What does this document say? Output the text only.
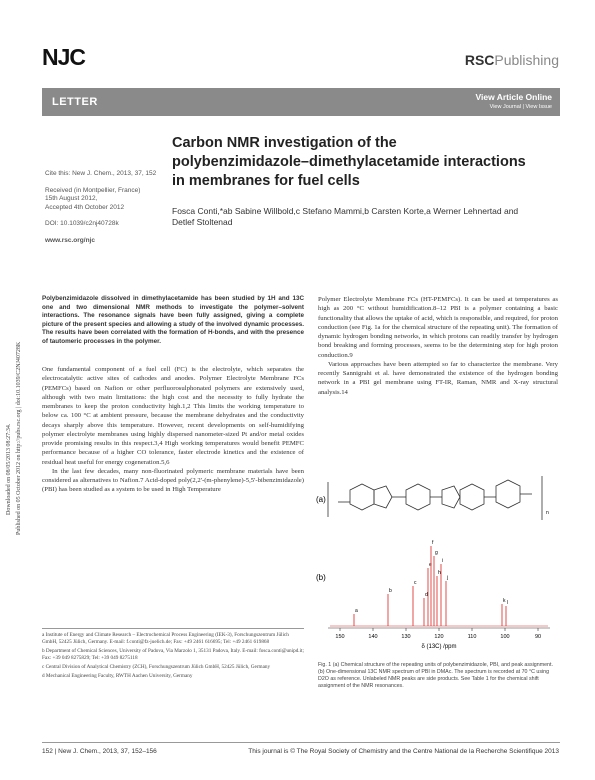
NJC	RSCPublishing
LETTER	View Article Online
View Journal | View Issue
Downloaded on 08/05/2013 08:27:34. Published on 05 October 2012 on http://pubs.rsc.org | doi:10.1039/C2NJ40728K

Cite this: New J. Chem., 2013, 37, 152

Received (in Montpellier, France)
15th August 2012,
Accepted 4th October 2012

DOI: 10.1039/c2nj40728k

www.rsc.org/njc

Carbon NMR investigation of the polybenzimidazole–dimethylacetamide interactions in membranes for fuel cells
Fosca Conti,*ab Sabine Willbold,c Stefano Mammi,b Carsten Korte,a Werner Lehnertad and Detlef Stoltenad
Polybenzimidazole dissolved in dimethylacetamide has been studied by 1H and 13C one and two dimensional NMR methods to investigate the polymer–solvent interactions. The resonance signals have been fully assigned, giving a complete picture of the present species and allowing a study of the involved dynamic processes. The results have been correlated with the formation of H-bonds, and with the presence of tautomeric processes in the polymer.

One fundamental component of a fuel cell (FC) is the electrolyte, which separates the electrocatalytic active sites of cathodes and anodes. Polymer Electrolyte Membrane FCs (PEMFCs) based on Nafion or other perfluorosulphonated polymers are extensively used, although with two main limitations: the high cost and the necessity to fully hydrate the membranes to keep the proton conductivity high.1,2 This limits the working temperature to below ca. 100 °C at ambient pressure, because the membrane dehydrates and the conductivity decays sharply above this temperature. However, recent developments on self-humidifying polymer electrolyte membranes using highly dispersed nanometer-sized Pt and/or metal oxides provide promising results in this respect.3,4 High working temperatures would benefit PEMFC performance because of a higher CO tolerance, faster electrode kinetics and the existence of residual heat useful for energy cogeneration.5,6

In the last few decades, many non-fluorinated polymeric membrane materials have been considered as alternatives to Nafion.7 Acid-doped poly(2,2'-(m-phenylene)-5,5'-bibenzimidazole) (PBI) has been studied as a system to be used in High Temperature

Polymer Electrolyte Membrane FCs (HT-PEMFCs). It can be used at temperatures as high as 200 °C without humidification.8–12 PBI is a polymer containing a basic functionality that allows the uptake of acid, which is responsible, and required, for proton conduction (see Fig. 1a for the chemical structure of the repeating unit). The formation of dynamic hydrogen bonding networks, in which protons can readily transfer by hydrogen bond breaking and forming processes, seems to be the determining step for high proton conduction.9

Various approaches have been attempted so far to characterize the membrane. Very recently Sannigrahi et al. have demonstrated the existence of the hydrogen bonding network in a PBI gel membrane using FT-IR, Raman, NMR and X-ray structural analysis.14

a Institute of Energy and Climate Research – Electrochemical Process Engineering (IEK-3), Forschungszentrum Jülich GmbH, 52425 Jülich, Germany. E-mail: f.conti@fz-juelich.de; Fax: +49 2461 616695; Tel: +49 2461 619868

b Department of Chemical Sciences, University of Padova, Via Marzolo 1, 35131 Padova, Italy. E-mail: fosca.conti@unipd.it; Fax: +39 049 8275829; Tel: +39 049 8275118

c Central Division of Analytical Chemistry (ZCH), Forschungszentrum Jülich GmbH, 52425 Jülich, Germany

d Mechanical Engineering Faculty, RWTH Aachen University, Germany

(a)
n
(b)
a
b
c
d
e
f
g
h
i
j
k l
150	140	130	120	110	100	90
δ (13C) /ppm
Fig. 1 (a) Chemical structure of the repeating units of polybenzimidazole, PBI, and peak assignment. (b) One-dimensional 13C NMR spectrum of PBI in DMAc. The spectrum is recorded at 70 °C using D2O as reference. Unlabeled NMR peaks are side products. See Table 1 for the chemical shift assignment of the NMR resonances.
152 | New J. Chem., 2013, 37, 152–156	This journal is © The Royal Society of Chemistry and the Centre National de la Recherche Scientifique 2013
